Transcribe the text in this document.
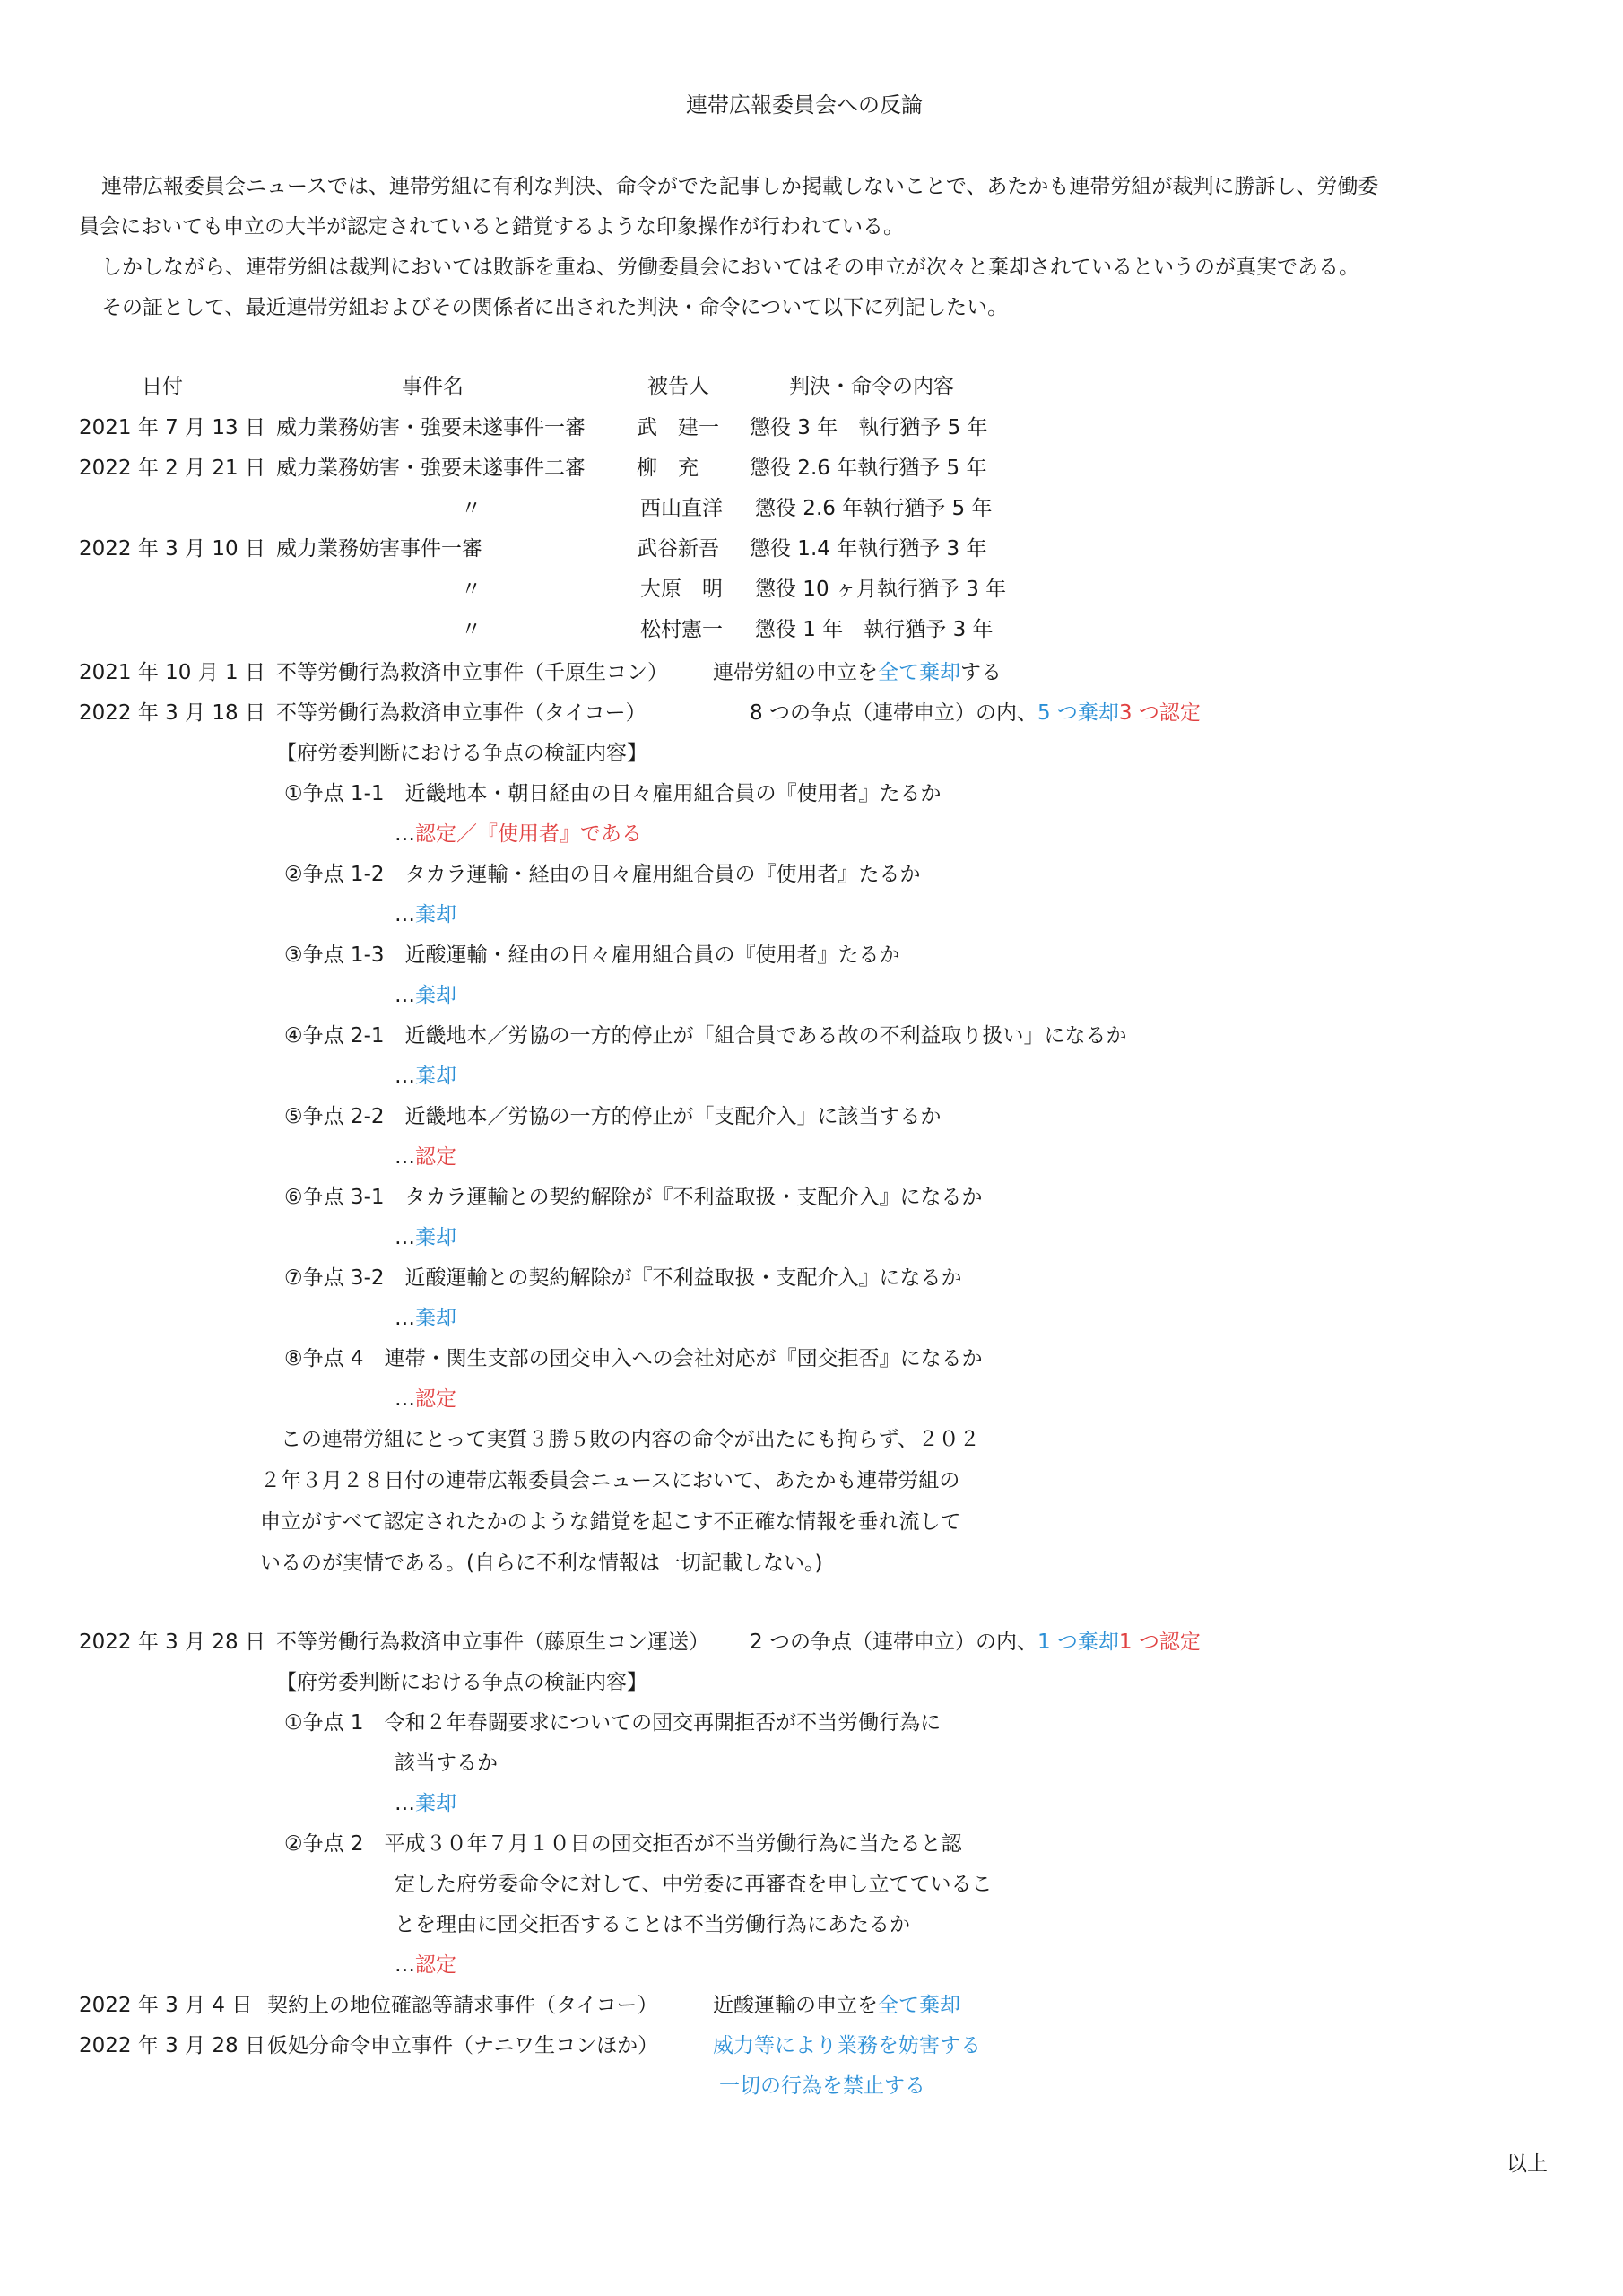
連帯広報委員会への反論
連帯広報委員会ニュースでは、連帯労組に有利な判決、命令がでた記事しか掲載しないことで、あたかも連帯労組が裁判に勝訴し、労働委
員会においても申立の大半が認定されていると錯覚するような印象操作が行われている。
しかしながら、連帯労組は裁判においては敗訴を重ね、労働委員会においてはその申立が次々と棄却されているというのが真実である。
その証として、最近連帯労組およびその関係者に出された判決・命令について以下に列記したい。
日付	事件名	被告人	判決・命令の内容
2021 年 7 月 13 日 威力業務妨害・強要未遂事件一審 武　建一 懲役 3 年　執行猶予 5 年
2022 年 2 月 21 日 威力業務妨害・強要未遂事件二審 柳　充 懲役 2.6 年執行猶予 5 年
〃	西山直洋 懲役 2.6 年執行猶予 5 年
2022 年 3 月 10 日 威力業務妨害事件一審	武谷新吾 懲役 1.4 年執行猶予 3 年
〃	大原　明 懲役 10 ヶ月執行猶予 3 年
〃	松村憲一 懲役 1 年　執行猶予 3 年
2021 年 10 月 1 日 不等労働行為救済申立事件（千原生コン） 連帯労組の申立を全て棄却する
2022 年 3 月 18 日 不等労働行為救済申立事件（タイコー）	8 つの争点（連帯申立）の内、5 つ棄却3 つ認定
【府労委判断における争点の検証内容】
①争点 1-1　近畿地本・朝日経由の日々雇用組合員の『使用者』たるか
…認定／『使用者』である
②争点 1-2　タカラ運輸・経由の日々雇用組合員の『使用者』たるか
…棄却
③争点 1-3　近酸運輸・経由の日々雇用組合員の『使用者』たるか
…棄却
④争点 2-1　近畿地本／労協の一方的停止が「組合員である故の不利益取り扱い」になるか
…棄却
⑤争点 2-2　近畿地本／労協の一方的停止が「支配介入」に該当するか
…認定
⑥争点 3-1　タカラ運輸との契約解除が『不利益取扱・支配介入』になるか
…棄却
⑦争点 3-2　近酸運輸との契約解除が『不利益取扱・支配介入』になるか
…棄却
⑧争点 4　連帯・関生支部の団交申入への会社対応が『団交拒否』になるか
…認定
この連帯労組にとって実質３勝５敗の内容の命令が出たにも拘らず、２０２
２年３月２８日付の連帯広報委員会ニュースにおいて、あたかも連帯労組の
申立がすべて認定されたかのような錯覚を起こす不正確な情報を垂れ流して
いるのが実情である。(自らに不利な情報は一切記載しない。)
2022 年 3 月 28 日 不等労働行為救済申立事件（藤原生コン運送） 2 つの争点（連帯申立）の内、1 つ棄却1 つ認定
【府労委判断における争点の検証内容】
①争点 1　令和２年春闘要求についての団交再開拒否が不当労働行為に
該当するか
…棄却
②争点 2　平成３０年７月１０日の団交拒否が不当労働行為に当たると認
定した府労委命令に対して、中労委に再審査を申し立てているこ
とを理由に団交拒否することは不当労働行為にあたるか
…認定
2022 年 3 月 4 日 契約上の地位確認等請求事件（タイコー）	近酸運輸の申立を全て棄却
2022 年 3 月 28 日 仮処分命令申立事件（ナニワ生コンほか）	威力等により業務を妨害する
一切の行為を禁止する
以上
